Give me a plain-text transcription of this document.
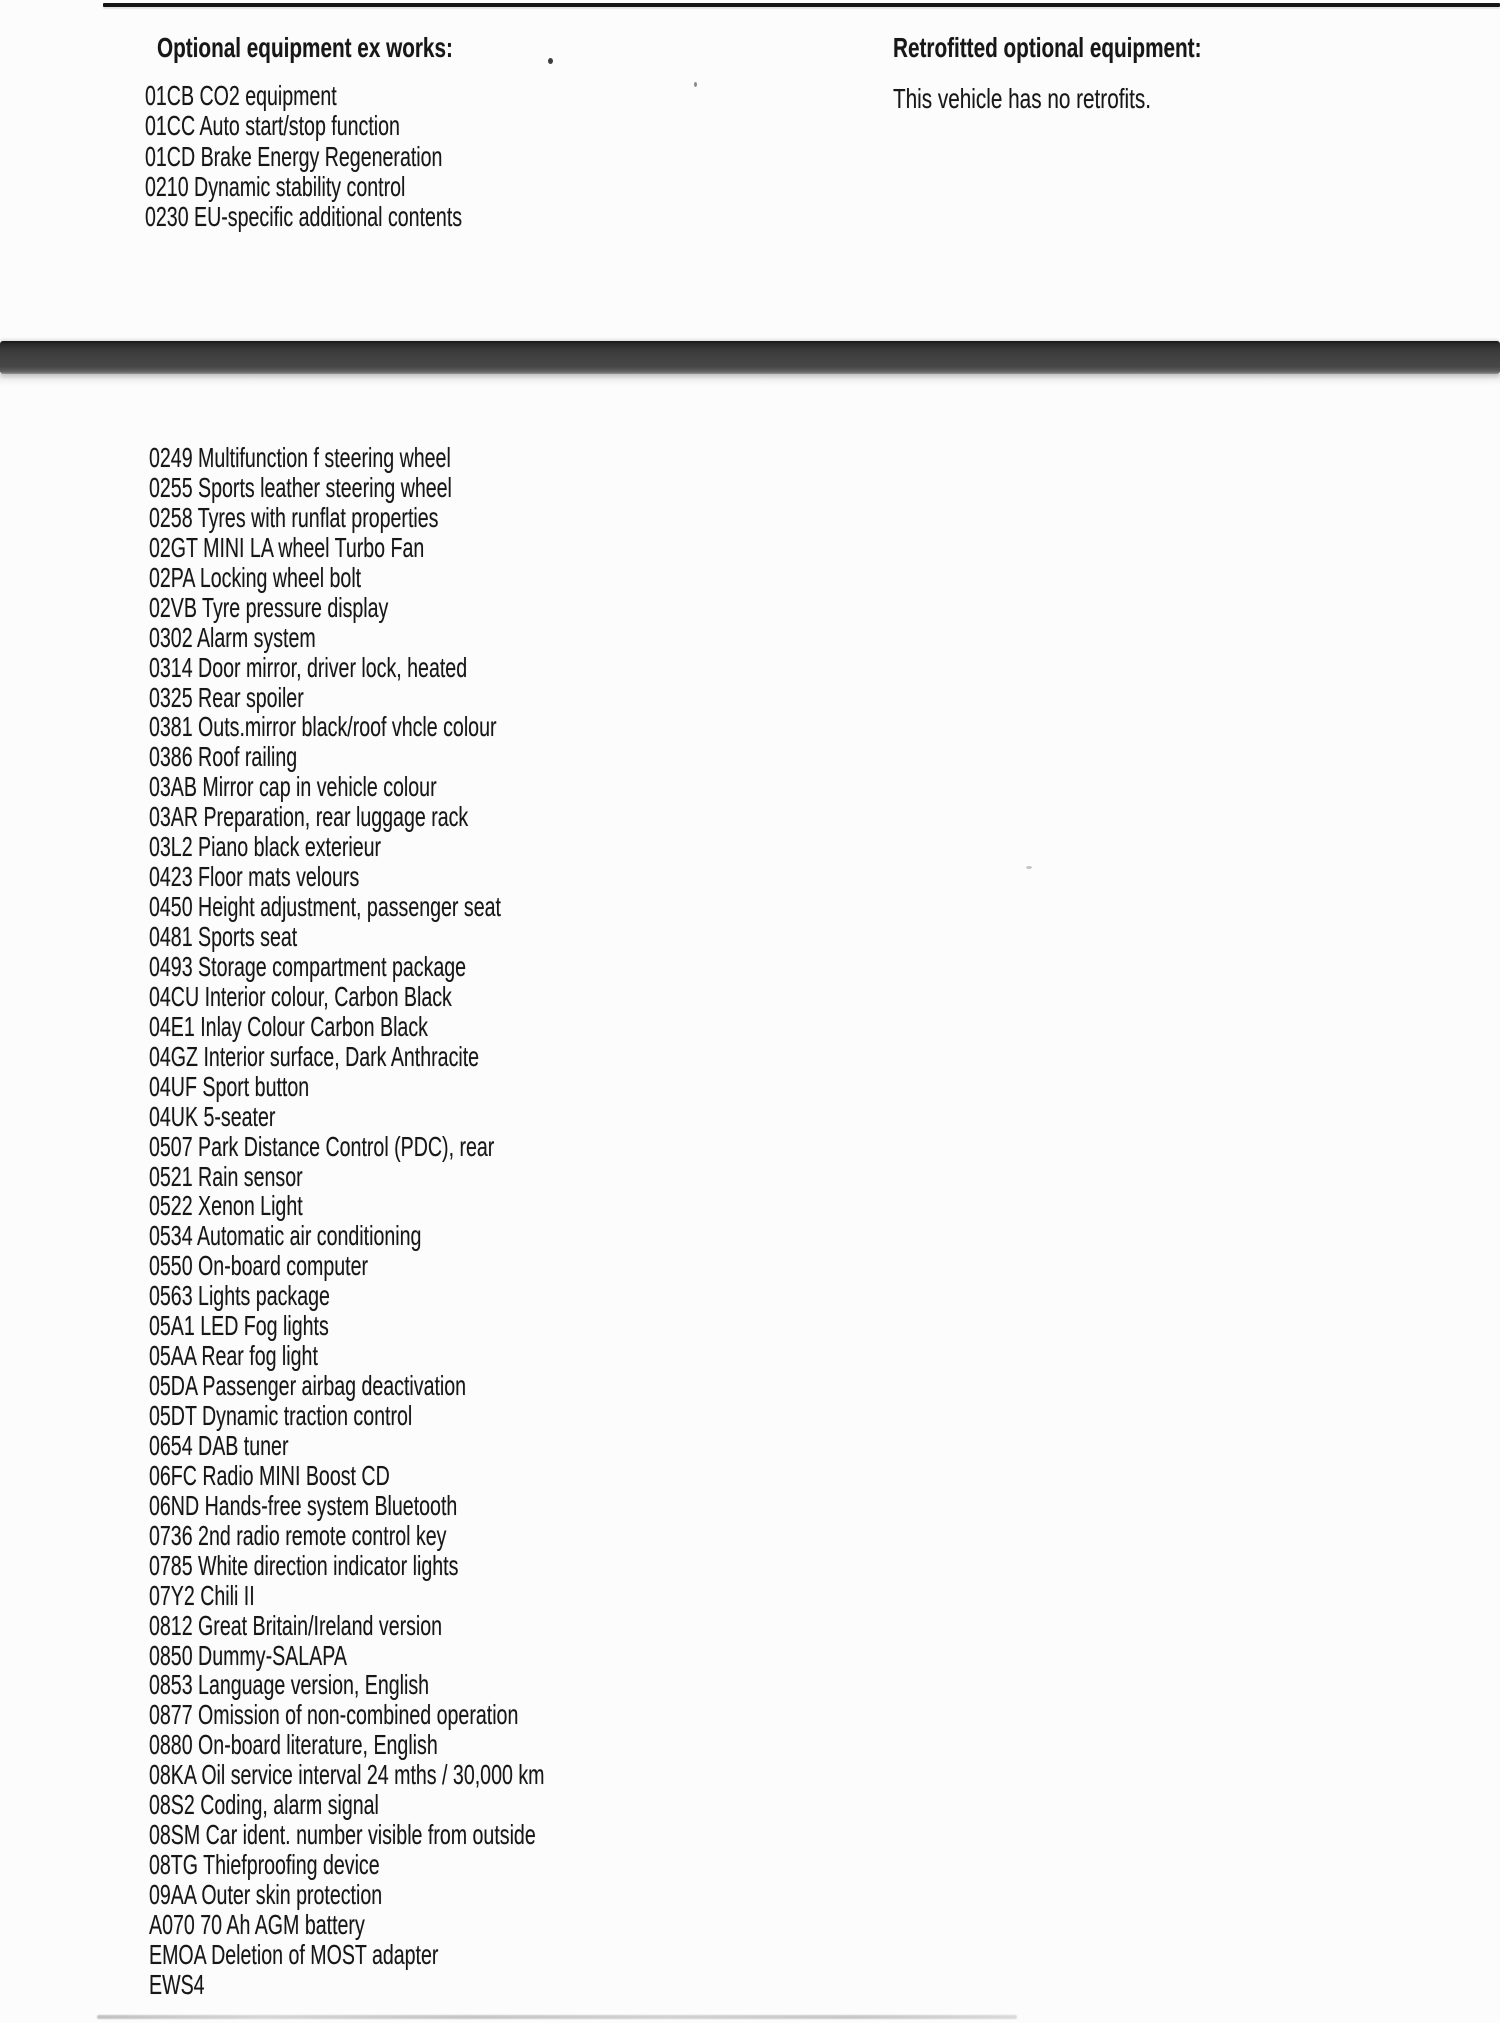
Optional equipment ex works:
01CB CO2 equipment
01CC Auto start/stop function
01CD Brake Energy Regeneration
0210 Dynamic stability control
0230 EU-specific additional contents
Retrofitted optional equipment:

This vehicle has no retrofits.

0249 Multifunction f steering wheel
0255 Sports leather steering wheel
0258 Tyres with runflat properties
02GT MINI LA wheel Turbo Fan
02PA Locking wheel bolt
02VB Tyre pressure display
0302 Alarm system
0314 Door mirror, driver lock, heated
0325 Rear spoiler
0381 Outs.mirror black/roof vhcle colour
0386 Roof railing
03AB Mirror cap in vehicle colour
03AR Preparation, rear luggage rack
03L2 Piano black exterieur
0423 Floor mats velours
0450 Height adjustment, passenger seat
0481 Sports seat
0493 Storage compartment package
04CU Interior colour, Carbon Black
04E1 Inlay Colour Carbon Black
04GZ Interior surface, Dark Anthracite
04UF Sport button
04UK 5-seater
0507 Park Distance Control (PDC), rear
0521 Rain sensor
0522 Xenon Light
0534 Automatic air conditioning
0550 On-board computer
0563 Lights package
05A1 LED Fog lights
05AA Rear fog light
05DA Passenger airbag deactivation
05DT Dynamic traction control
0654 DAB tuner
06FC Radio MINI Boost CD
06ND Hands-free system Bluetooth
0736 2nd radio remote control key
0785 White direction indicator lights
07Y2 Chili II
0812 Great Britain/Ireland version
0850 Dummy-SALAPA
0853 Language version, English
0877 Omission of non-combined operation
0880 On-board literature, English
08KA Oil service interval 24 mths / 30,000 km
08S2 Coding, alarm signal
08SM Car ident. number visible from outside
08TG Thiefproofing device
09AA Outer skin protection
A070 70 Ah AGM battery
EMOA Deletion of MOST adapter
EWS4
